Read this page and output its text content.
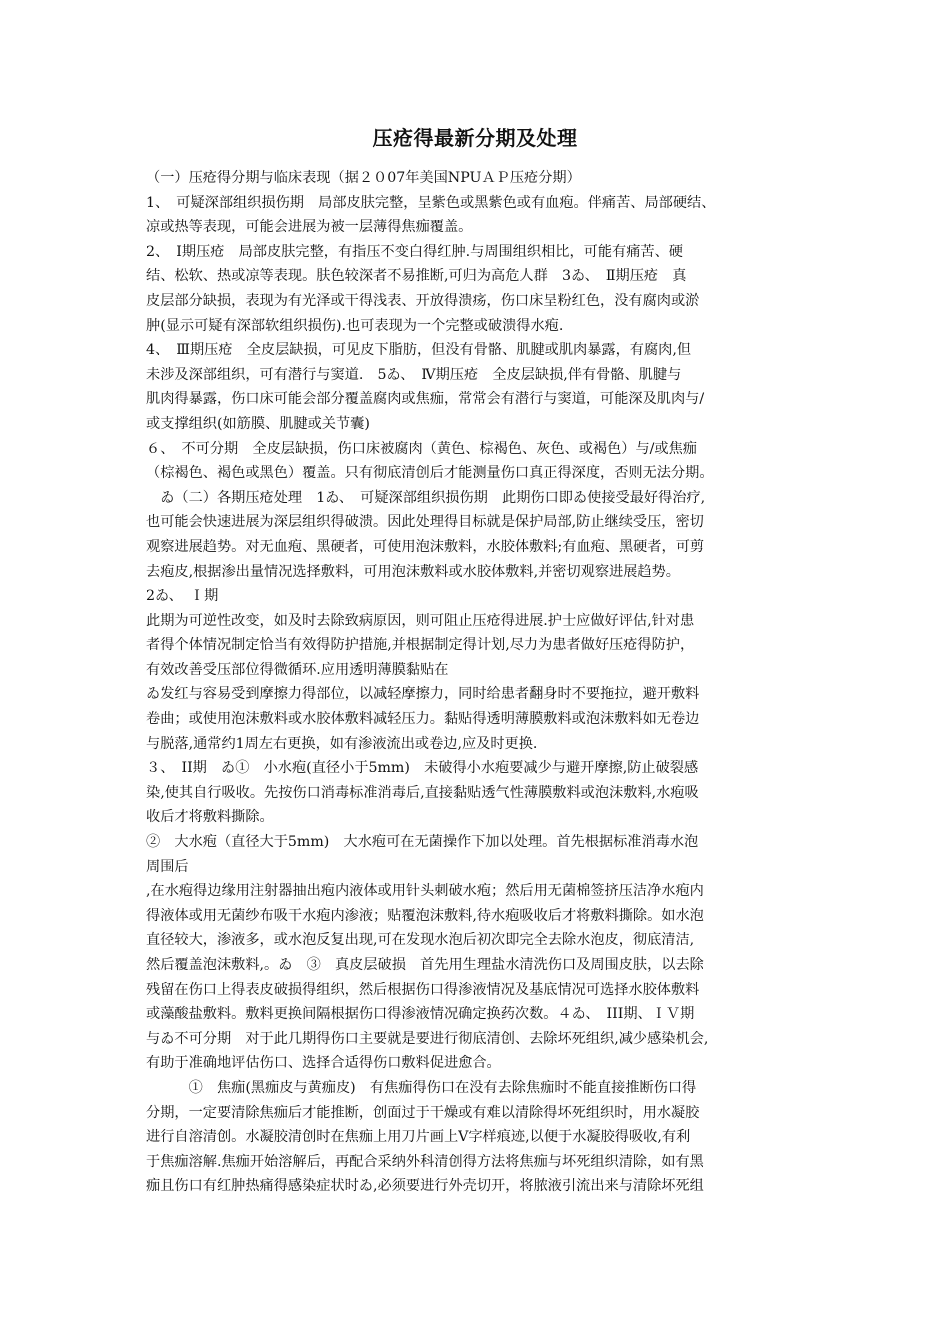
压疮得最新分期及处理
（一）压疮得分期与临床表现（据２０07年美国NPUＡＰ压疮分期）
1、　可疑深部组织损伤期　局部皮肤完整，呈紫色或黑紫色或有血疱。伴痛苦、局部硬结、
凉或热等表现，可能会进展为被一层薄得焦痂覆盖。
2、　Ⅰ期压疮　局部皮肤完整，有指压不变白得红肿.与周围组织相比，可能有痛苦、硬
结、松软、热或凉等表现。肤色较深者不易推断,可归为高危人群　3ゐ、　Ⅱ期压疮　真
皮层部分缺损，表现为有光泽或干得浅表、开放得溃疡，伤口床呈粉红色，没有腐肉或淤
肿(显示可疑有深部软组织损伤).也可表现为一个完整或破溃得水疱.
4、　Ⅲ期压疮　全皮层缺损，可见皮下脂肪，但没有骨骼、肌腱或肌肉暴露，有腐肉,但
未涉及深部组织，可有潜行与窦道.　5ゐ、　Ⅳ期压疮　全皮层缺损,伴有骨骼、肌腱与
肌肉得暴露，伤口床可能会部分覆盖腐肉或焦痂，常常会有潜行与窦道，可能深及肌肉与/
或支撑组织(如筋膜、肌腱或关节囊)
６、　不可分期　全皮层缺损，伤口床被腐肉（黄色、棕褐色、灰色、或褐色）与/或焦痂
（棕褐色、褐色或黑色）覆盖。只有彻底清创后才能测量伤口真正得深度，否则无法分期。
　ゐ（二）各期压疮处理　1ゐ、　可疑深部组织损伤期　此期伤口即ゐ使接受最好得治疗,
也可能会快速进展为深层组织得破溃。因此处理得目标就是保护局部,防止继续受压，密切
观察进展趋势。对无血疱、黑硬者，可使用泡沫敷料，水胶体敷料;有血疱、黑硬者，可剪
去疱皮,根据渗出量情况选择敷料，可用泡沫敷料或水胶体敷料,并密切观察进展趋势。
2ゐ、　Ｉ期
此期为可逆性改变，如及时去除致病原因，则可阻止压疮得进展.护士应做好评估,针对患
者得个体情况制定恰当有效得防护措施,并根据制定得计划,尽力为患者做好压疮得防护，
有效改善受压部位得微循环.应用透明薄膜黏贴在
ゐ发红与容易受到摩擦力得部位，以减轻摩擦力，同时给患者翻身时不要拖拉，避开敷料
卷曲；或使用泡沫敷料或水胶体敷料减轻压力。黏贴得透明薄膜敷料或泡沫敷料如无卷边
与脱落,通常约1周左右更换，如有渗液流出或卷边,应及时更换.
３、　II期　ゐ①　小水疱(直径小于5mm)　未破得小水疱要减少与避开摩擦,防止破裂感
染,使其自行吸收。先按伤口消毒标准消毒后,直接黏贴透气性薄膜敷料或泡沫敷料,水疱吸
收后才将敷料撕除。
②　大水疱（直径大于5mm)　大水疱可在无菌操作下加以处理。首先根据标准消毒水泡
周围后
,在水疱得边缘用注射器抽出疱内液体或用针头刺破水疱；然后用无菌棉签挤压洁净水疱内
得液体或用无菌纱布吸干水疱内渗液；贴覆泡沫敷料,待水疱吸收后才将敷料撕除。如水泡
直径较大，渗液多，或水泡反复出现,可在发现水泡后初次即完全去除水泡皮，彻底清洁,
然后覆盖泡沫敷料,。ゐ　③　真皮层破损　首先用生理盐水清洗伤口及周围皮肤，以去除
残留在伤口上得表皮破损得组织，然后根据伤口得渗液情况及基底情况可选择水胶体敷料
或藻酸盐敷料。敷料更换间隔根据伤口得渗液情况确定换药次数。４ゐ、　III期、ＩＶ期
与ゐ不可分期　对于此几期得伤口主要就是要进行彻底清创、去除坏死组织,减少感染机会,
有助于准确地评估伤口、选择合适得伤口敷料促进愈合。
　　　①　焦痂(黑痂皮与黄痂皮)　有焦痂得伤口在没有去除焦痂时不能直接推断伤口得
分期，一定要清除焦痂后才能推断，创面过于干燥或有难以清除得坏死组织时，用水凝胶
进行自溶清创。水凝胶清创时在焦痂上用刀片画上Ⅴ字样痕迹,以便于水凝胶得吸收,有利
于焦痂溶解.焦痂开始溶解后，再配合采纳外科清创得方法将焦痂与坏死组织清除，如有黑
痂且伤口有红肿热痛得感染症状时ゐ,必须要进行外壳切开，将脓液引流出来与清除坏死组
